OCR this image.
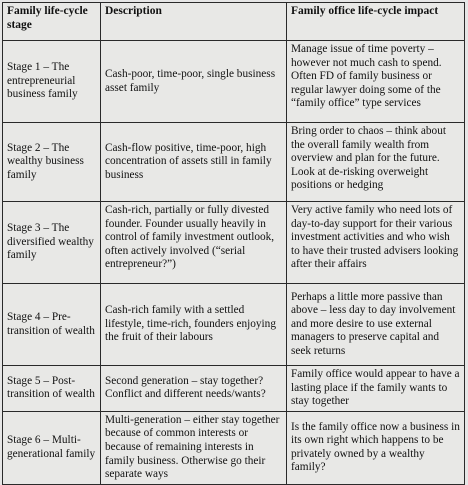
Family life-cycle stage	Description	Family office life-cycle impact
Stage 1 – The entrepreneurial business family	Cash-poor, time-poor, single business asset family	Manage issue of time poverty – however not much cash to spend. Often FD of family business or regular lawyer doing some of the “family office” type services
Stage 2 – The wealthy business family	Cash-flow positive, time-poor, high concentration of assets still in family business	Bring order to chaos – think about the overall family wealth from overview and plan for the future. Look at de-risking overweight positions or hedging
Stage 3 – The diversified wealthy family	Cash-rich, partially or fully divested founder. Founder usually heavily in control of family investment outlook, often actively involved (“serial entrepreneur?”)	Very active family who need lots of day-to-day support for their various investment activities and who wish to have their trusted advisers looking after their affairs
Stage 4 – Pre-transition of wealth	Cash-rich family with a settled lifestyle, time-rich, founders enjoying the fruit of their labours	Perhaps a little more passive than above – less day to day involvement and more desire to use external managers to preserve capital and seek returns
Stage 5 – Post-transition of wealth	Second generation – stay together? Conflict and different needs/wants?	Family office would appear to have a lasting place if the family wants to stay together
Stage 6 – Multi-generational family	Multi-generation – either stay together because of common interests or because of remaining interests in family business. Otherwise go their separate ways	Is the family office now a business in its own right which happens to be privately owned by a wealthy family?
